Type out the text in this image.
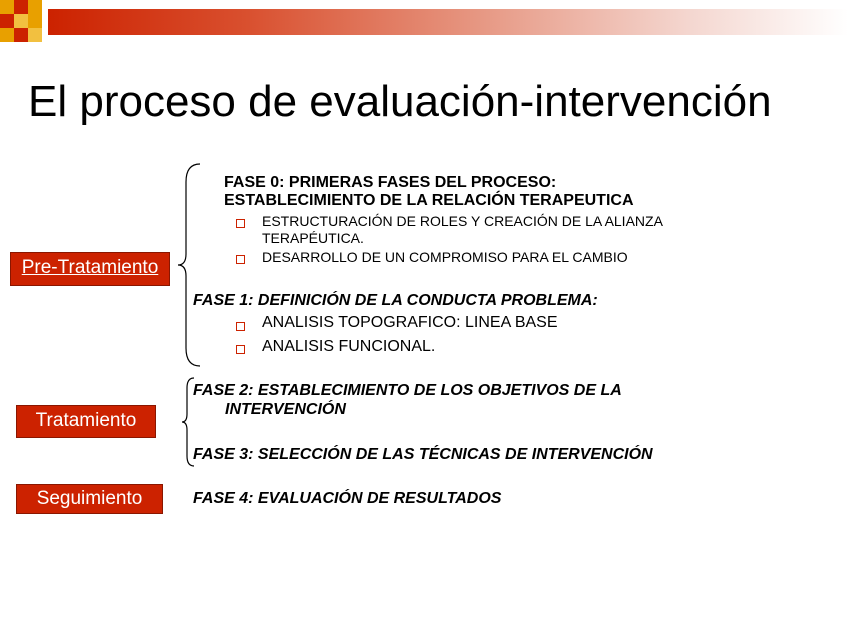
El proceso de evaluación-intervención
Pre-Tratamiento
Tratamiento
Seguimiento
FASE 0: PRIMERAS FASES DEL PROCESO:
ESTABLECIMIENTO DE LA RELACIÓN TERAPEUTICA
ESTRUCTURACIÓN DE ROLES Y CREACIÓN DE LA ALIANZA
TERAPÉUTICA.
DESARROLLO DE UN COMPROMISO PARA EL CAMBIO
FASE 1: DEFINICIÓN DE LA CONDUCTA PROBLEMA:
ANALISIS TOPOGRAFICO: LINEA BASE
ANALISIS FUNCIONAL.
FASE 2: ESTABLECIMIENTO DE LOS OBJETIVOS DE LA
INTERVENCIÓN
FASE 3: SELECCIÓN DE LAS TÉCNICAS DE INTERVENCIÓN
FASE 4: EVALUACIÓN DE RESULTADOS
